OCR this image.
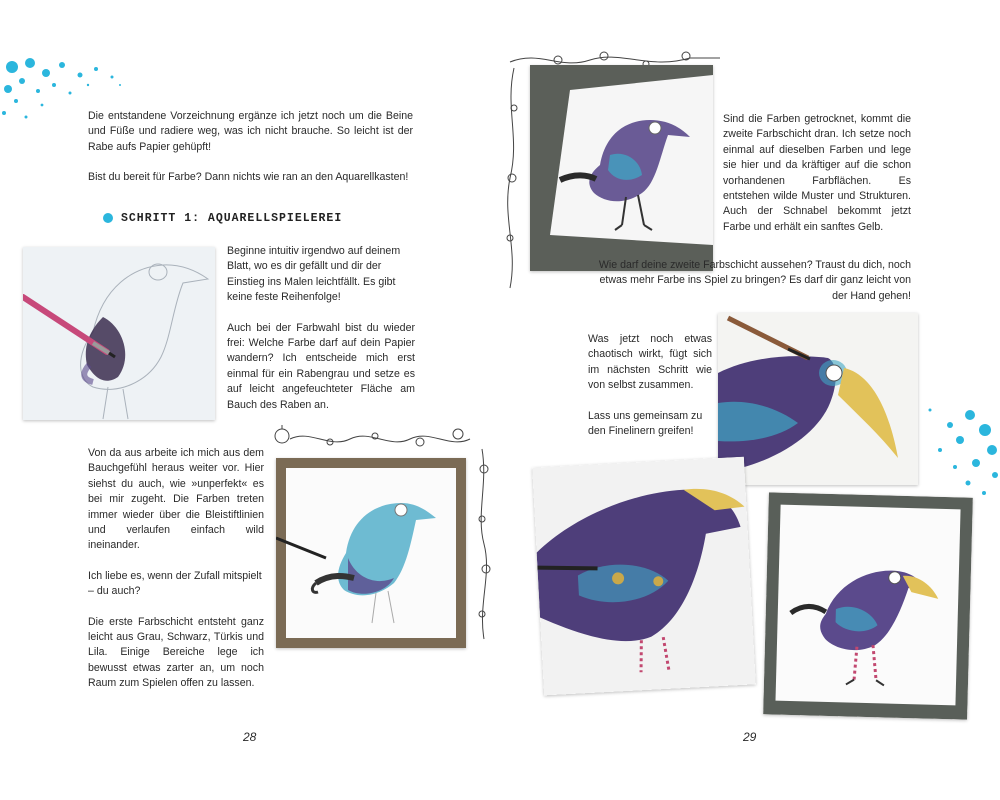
Die entstandene Vorzeichnung ergänze ich jetzt noch um die Beine und Füße und radiere weg, was ich nicht brauche. So leicht ist der Rabe aufs Papier gehüpft!

Bist du bereit für Farbe? Dann nichts wie ran an den Aquarellkasten!

SCHRITT 1: AQUARELLSPIELEREI

Beginne intuitiv irgendwo auf deinem Blatt, wo es dir gefällt und dir der Einstieg ins Malen leichtfällt. Es gibt keine feste Reihenfolge!

Auch bei der Farbwahl bist du wieder frei: Welche Farbe darf auf dein Papier wandern? Ich entscheide mich erst einmal für ein Rabengrau und setze es auf leicht angefeuchteter Fläche am Bauch des Raben an.

Von da aus arbeite ich mich aus dem Bauchgefühl heraus weiter vor. Hier siehst du auch, wie »unperfekt« es bei mir zugeht. Die Farben treten immer wieder über die Bleistiftlinien und verlaufen einfach wild ineinander.

Ich liebe es, wenn der Zufall mitspielt – du auch?

Die erste Farbschicht entsteht ganz leicht aus Grau, Schwarz, Türkis und Lila. Einige Bereiche lege ich bewusst etwas zarter an, um noch Raum zum Spielen offen zu lassen.

28

Sind die Farben getrocknet, kommt die zweite Farbschicht dran. Ich setze noch einmal auf dieselben Farben und lege sie hier und da kräftiger auf die schon vorhandenen Farbflächen. Es entstehen wilde Muster und Strukturen. Auch der Schnabel bekommt jetzt Farbe und erhält ein sanftes Gelb.

Wie darf deine zweite Farbschicht aussehen? Traust du dich, noch etwas mehr Farbe ins Spiel zu bringen? Es darf dir ganz leicht von der Hand gehen!

Was jetzt noch etwas chaotisch wirkt, fügt sich im nächsten Schritt wie von selbst zusammen.

Lass uns gemeinsam zu den Finelinern greifen!

29
